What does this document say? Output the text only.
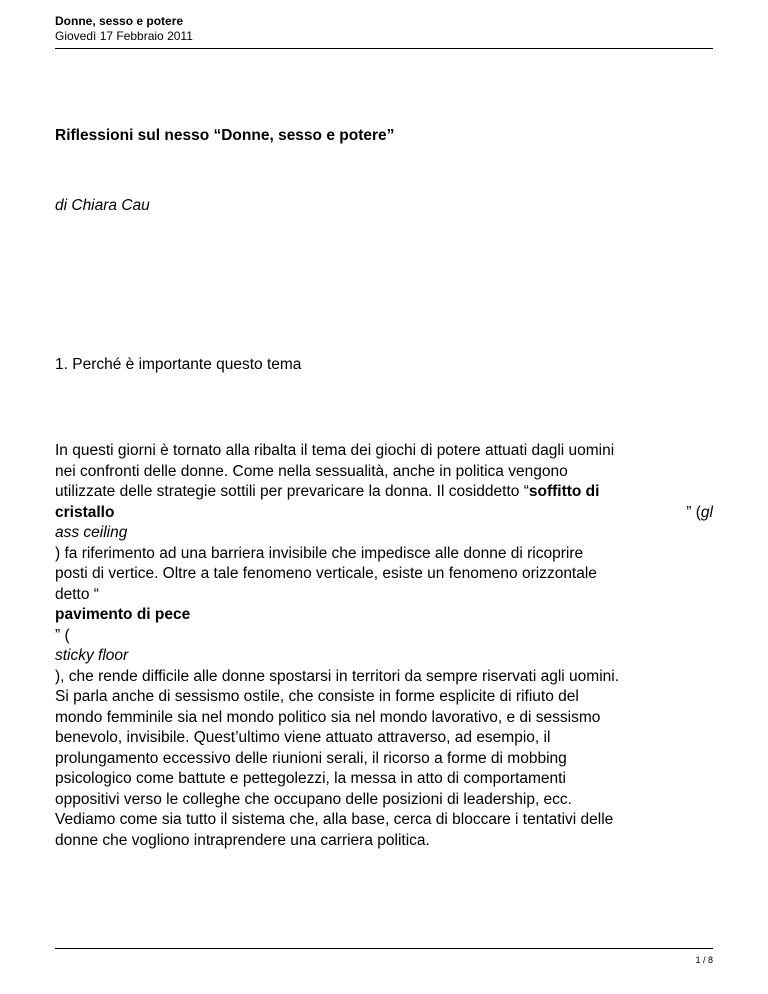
Donne, sesso e potere
Giovedì 17 Febbraio 2011
Riflessioni sul nesso “Donne, sesso e potere”
di Chiara Cau
1. Perché è importante questo tema
In questi giorni è tornato alla ribalta il tema dei giochi di potere attuati dagli uomini
nei confronti delle donne. Come nella sessualità, anche in politica vengono
utilizzate delle strategie sottili per prevaricare la donna. Il cosiddetto “soffitto di
cristallo	” (gl
ass ceiling
) fa riferimento ad una barriera invisibile che impedisce alle donne di ricoprire
posti di vertice. Oltre a tale fenomeno verticale, esiste un fenomeno orizzontale
detto “
pavimento di pece
” (
sticky floor
), che rende difficile alle donne spostarsi in territori da sempre riservati agli uomini.
Si parla anche di sessismo ostile, che consiste in forme esplicite di rifiuto del
mondo femminile sia nel mondo politico sia nel mondo lavorativo, e di sessismo
benevolo, invisibile. Quest’ultimo viene attuato attraverso, ad esempio, il
prolungamento eccessivo delle riunioni serali, il ricorso a forme di mobbing
psicologico come battute e pettegolezzi, la messa in atto di comportamenti
oppositivi verso le colleghe che occupano delle posizioni di leadership, ecc.
Vediamo come sia tutto il sistema che, alla base, cerca di bloccare i tentativi delle
donne che vogliono intraprendere una carriera politica.
1 / 8
